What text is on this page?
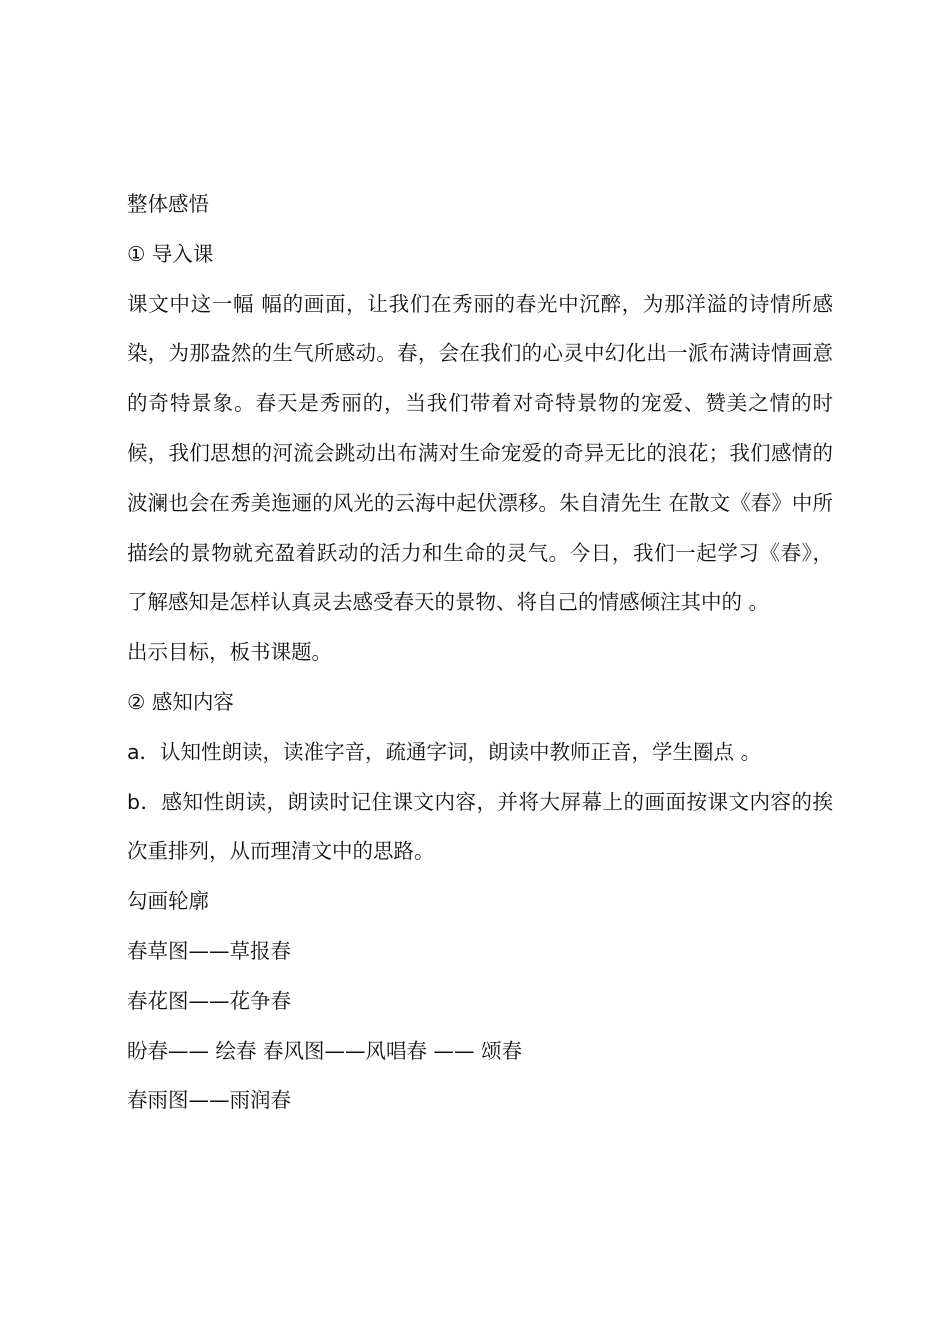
整体感悟
① 导入课
课文中这一幅 幅的画面，让我们在秀丽的春光中沉醉，为那洋溢的诗情所感染，为那盎然的生气所感动。春，会在我们的心灵中幻化出一派布满诗情画意的奇特景象。春天是秀丽的，当我们带着对奇特景物的宠爱、赞美之情的时候，我们思想的河流会跳动出布满对生命宠爱的奇异无比的浪花；我们感情的波澜也会在秀美迤逦的风光的云海中起伏漂移。朱自清先生 在散文《春》中所描绘的景物就充盈着跃动的活力和生命的灵气。今日，我们一起学习《春》，了解感知是怎样认真灵去感受春天的景物、将自己的情感倾注其中的 。
出示目标，板书课题。
② 感知内容
a．认知性朗读，读准字音，疏通字词，朗读中教师正音，学生圈点 。
b．感知性朗读，朗读时记住课文内容，并将大屏幕上的画面按课文内容的挨次重排列，从而理清文中的思路。
勾画轮廓
春草图——草报春
春花图——花争春
盼春—— 绘春 春风图——风唱春 —— 颂春
春雨图——雨润春
